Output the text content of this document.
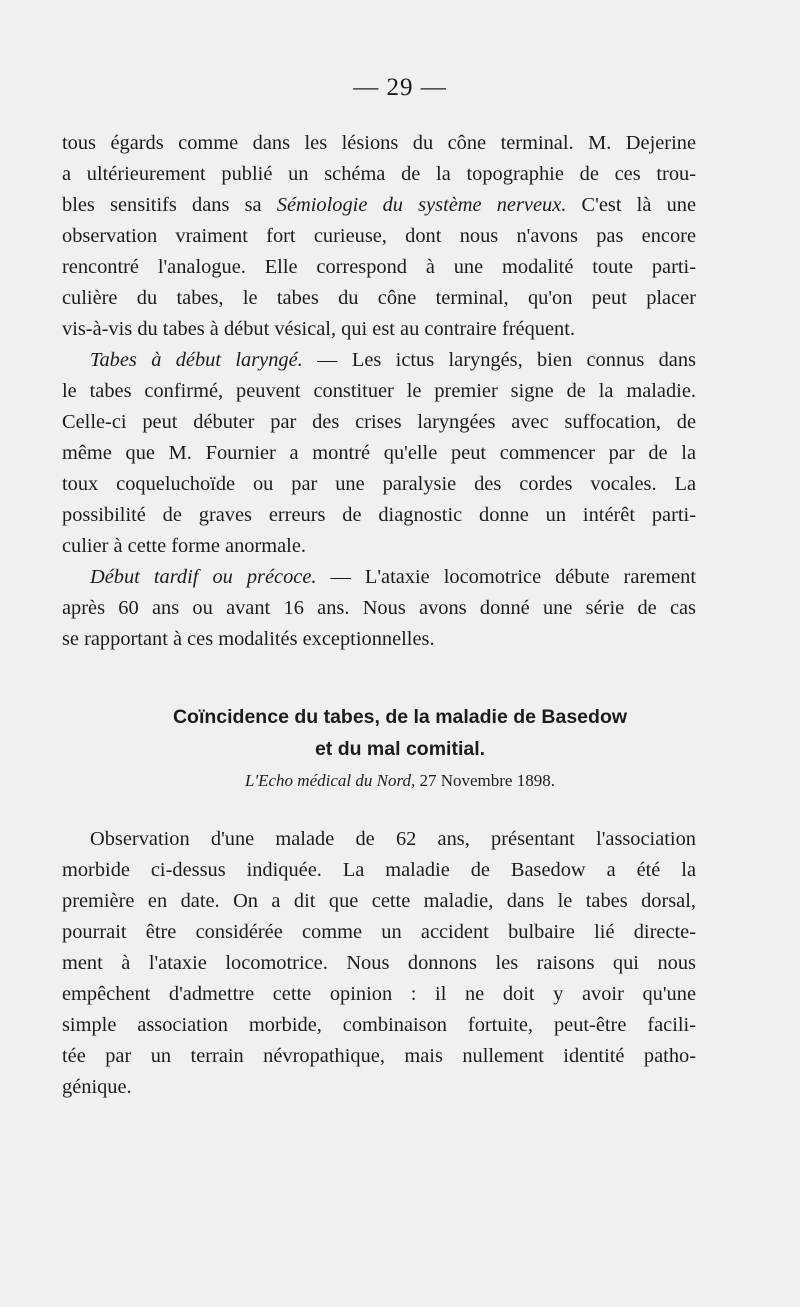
— 29 —
tous égards comme dans les lésions du cône terminal. M. Dejerine
a ultérieurement publié un schéma de la topographie de ces trou-
bles sensitifs dans sa Sémiologie du système nerveux. C'est là une
observation vraiment fort curieuse, dont nous n'avons pas encore
rencontré l'analogue. Elle correspond à une modalité toute parti-
culière du tabes, le tabes du cône terminal, qu'on peut placer
vis-à-vis du tabes à début vésical, qui est au contraire fréquent.
Tabes à début laryngé. — Les ictus laryngés, bien connus dans
le tabes confirmé, peuvent constituer le premier signe de la maladie.
Celle-ci peut débuter par des crises laryngées avec suffocation, de
même que M. Fournier a montré qu'elle peut commencer par de la
toux coqueluchoïde ou par une paralysie des cordes vocales. La
possibilité de graves erreurs de diagnostic donne un intérêt parti-
culier à cette forme anormale.
Début tardif ou précoce. — L'ataxie locomotrice débute rarement
après 60 ans ou avant 16 ans. Nous avons donné une série de cas
se rapportant à ces modalités exceptionnelles.
Coïncidence du tabes, de la maladie de Basedow
et du mal comitial.
L'Echo médical du Nord, 27 Novembre 1898.
Observation d'une malade de 62 ans, présentant l'association
morbide ci-dessus indiquée. La maladie de Basedow a été la
première en date. On a dit que cette maladie, dans le tabes dorsal,
pourrait être considérée comme un accident bulbaire lié directe-
ment à l'ataxie locomotrice. Nous donnons les raisons qui nous
empêchent d'admettre cette opinion : il ne doit y avoir qu'une
simple association morbide, combinaison fortuite, peut-être facili-
tée par un terrain névropathique, mais nullement identité patho-
génique.
